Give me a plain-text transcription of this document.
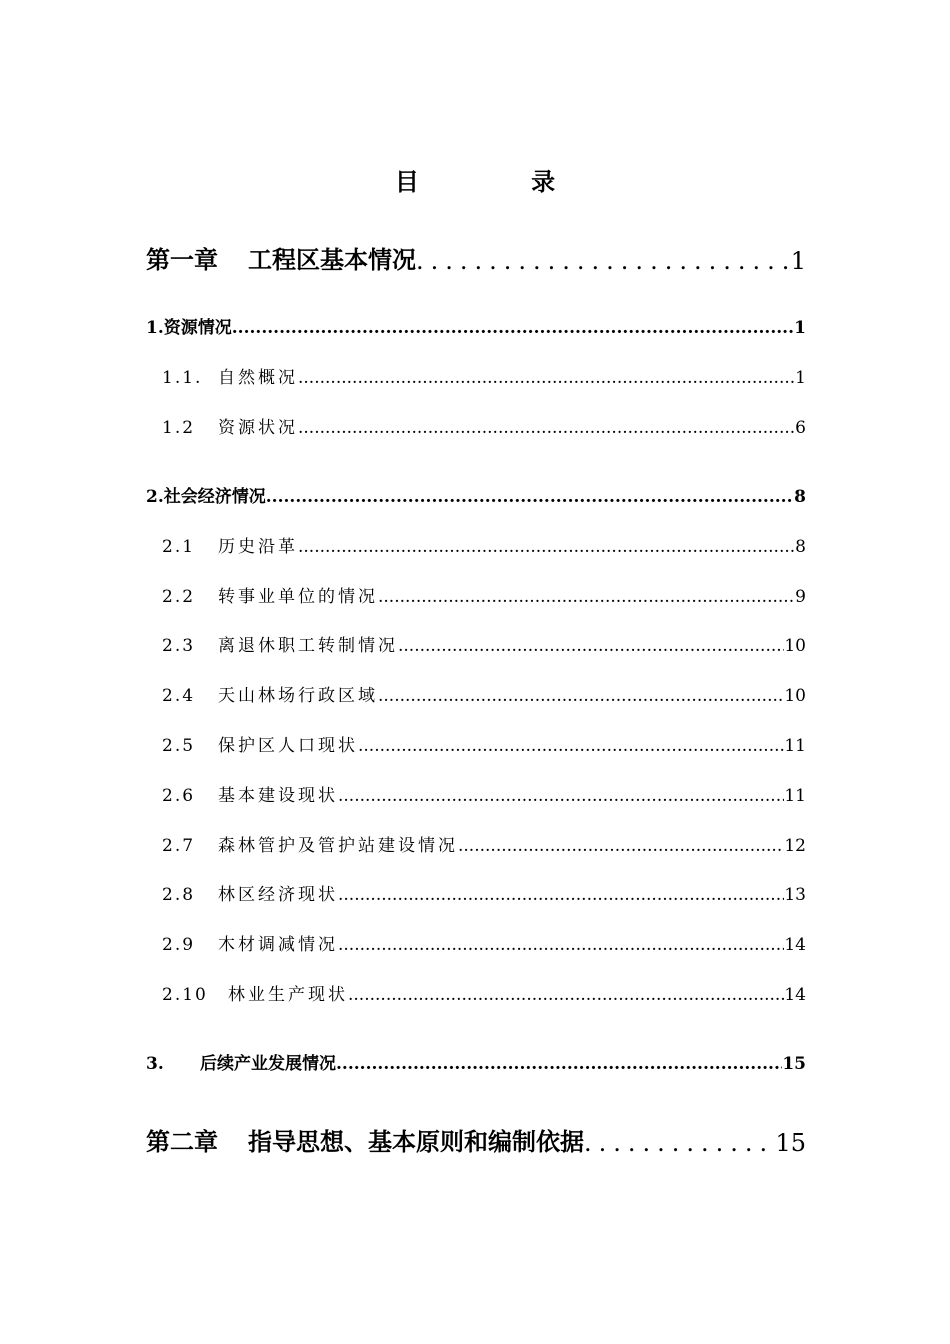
目 录
第一章 工程区基本情况 .....	1
1. 资源情况 .....	1
1.1. 自然概况 .....	1
1.2	资源状况 .....	6
2. 社会经济情况 .....	8
2.1	历史沿革 .....	8
2.2	转事业单位的情况 .....	9
2.3	离退休职工转制情况 .....	10
2.4	天山林场行政区域 .....	10
2.5	保护区人口现状 .....	11
2.6	基本建设现状 .....	11
2.7	森林管护及管护站建设情况 .....	12
2.8	林区经济现状 .....	13
2.9	木材调减情况 .....	14
2.10	林业生产现状 .....	14
3.	后续产业发展情况 .....	15
第二章 指导思想、基本原则和编制依据 .....	15
